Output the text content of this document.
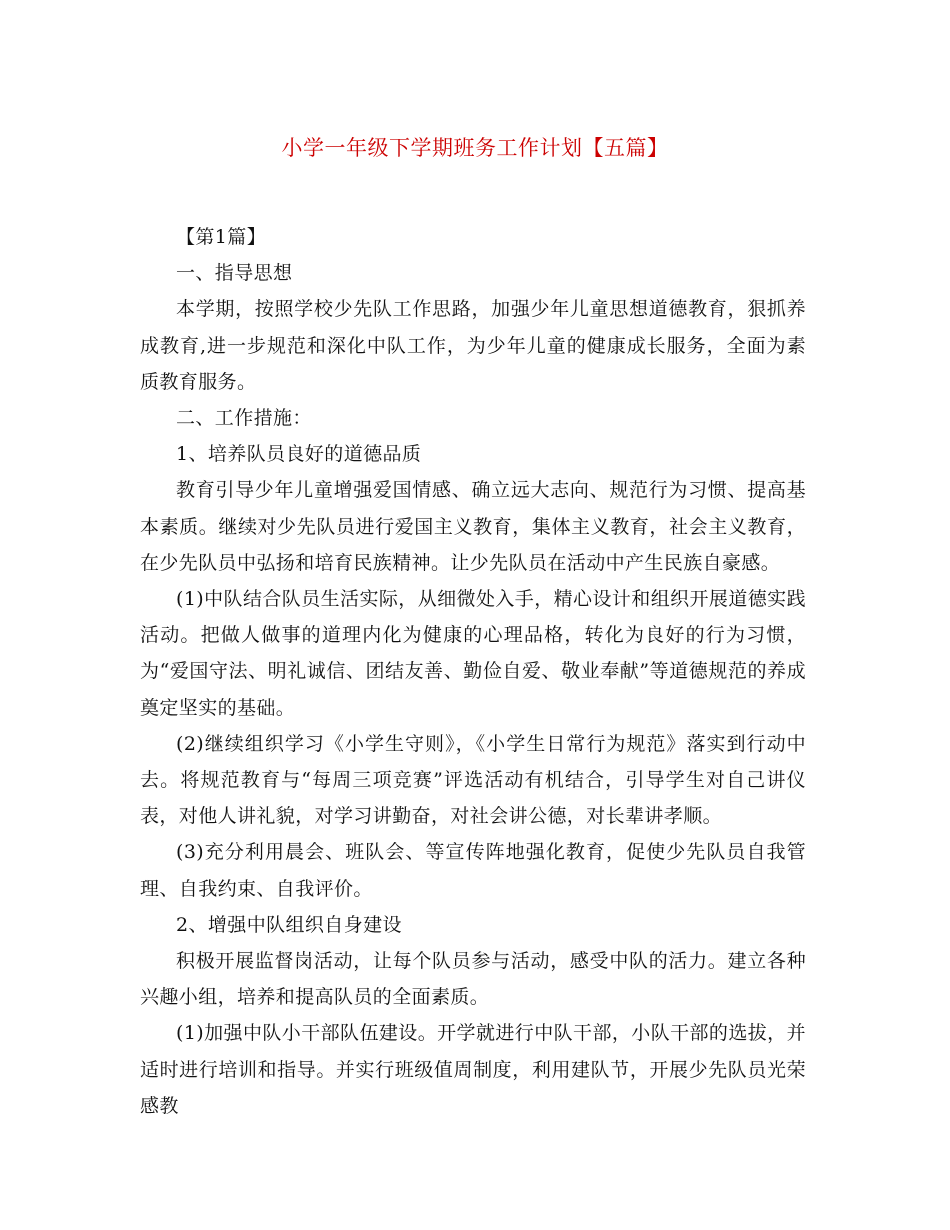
小学一年级下学期班务工作计划【五篇】

【第1篇】

一、指导思想

本学期，按照学校少先队工作思路，加强少年儿童思想道德教育，狠抓养成教育,进一步规范和深化中队工作，为少年儿童的健康成长服务，全面为素质教育服务。

二、工作措施：

1、培养队员良好的道德品质

教育引导少年儿童增强爱国情感、确立远大志向、规范行为习惯、提高基本素质。继续对少先队员进行爱国主义教育，集体主义教育，社会主义教育，在少先队员中弘扬和培育民族精神。让少先队员在活动中产生民族自豪感。

(1)中队结合队员生活实际，从细微处入手，精心设计和组织开展道德实践活动。把做人做事的道理内化为健康的心理品格，转化为良好的行为习惯，为“爱国守法、明礼诚信、团结友善、勤俭自爱、敬业奉献”等道德规范的养成奠定坚实的基础。

(2)继续组织学习《小学生守则》，《小学生日常行为规范》落实到行动中去。将规范教育与“每周三项竞赛”评选活动有机结合，引导学生对自己讲仪表，对他人讲礼貌，对学习讲勤奋，对社会讲公德，对长辈讲孝顺。

(3)充分利用晨会、班队会、等宣传阵地强化教育，促使少先队员自我管理、自我约束、自我评价。

2、增强中队组织自身建设

积极开展监督岗活动，让每个队员参与活动，感受中队的活力。建立各种兴趣小组，培养和提高队员的全面素质。

(1)加强中队小干部队伍建设。开学就进行中队干部，小队干部的选拔，并适时进行培训和指导。并实行班级值周制度，利用建队节，开展少先队员光荣感教
